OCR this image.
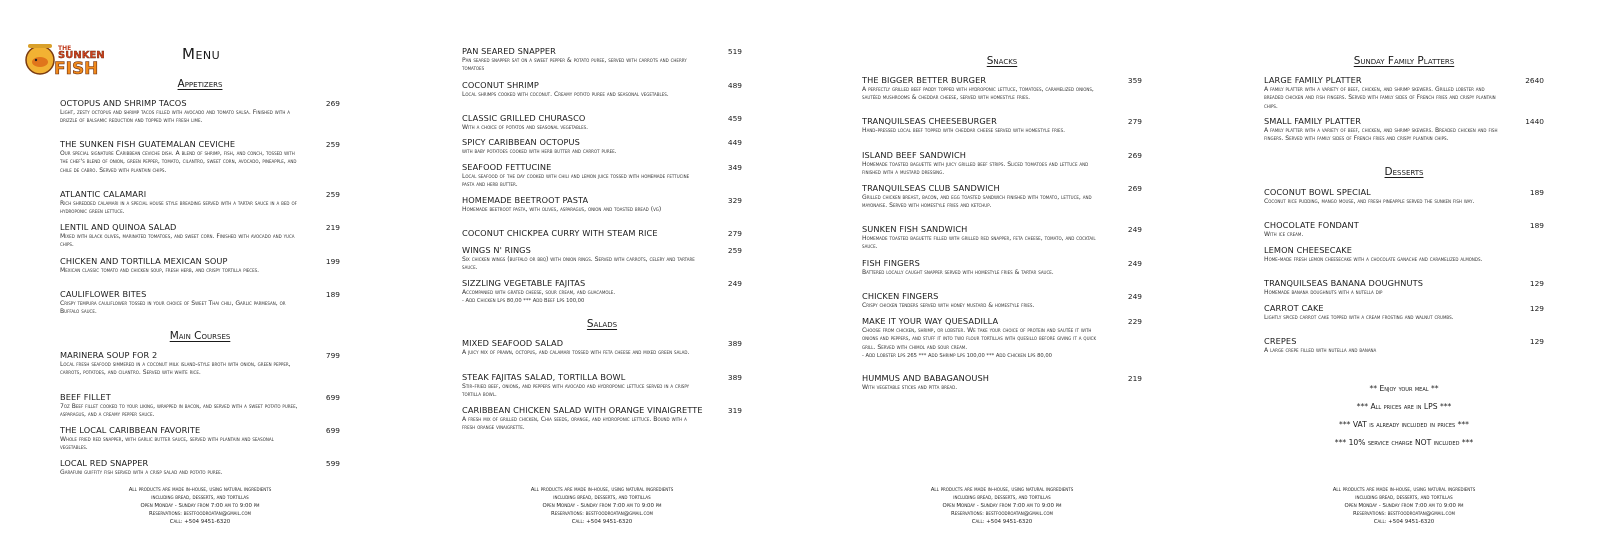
THE
SUNKEN
FISH
Menu
Appetizers
OCTOPUS AND SHRIMP TACOS	269
Light, zesty octopus and shrimp tacos filled with avocado and tomato salsa. Finished with a drizzle of balsamic reduction and topped with fresh lime.
THE SUNKEN FISH GUATEMALAN CEVICHE	259
Our special signature Caribbean ceviche dish. A blend of shrimp, fish, and conch, tossed with the chef's blend of onion, green pepper, tomato, cilantro, sweet corn, avocado, pineapple, and chile de cabro. Served with plantain chips.
ATLANTIC CALAMARI	259
Rich shredded calamari in a special house style breading served with a tartar sauce in a bed of hydroponic green lettuce.
LENTIL AND QUINOA SALAD	219
Mixed with black olives, marinated tomatoes, and sweet corn. Finished with avocado and yuca chips.
CHICKEN AND TORTILLA MEXICAN SOUP	199
Mexican classic tomato and chicken soup, fresh herb, and crispy tortilla pieces.
CAULIFLOWER BITES	189
Crispy tempura cauliflower tossed in your choice of Sweet Thai chili, Garlic parmesan, or Buffalo sauce.
Main Courses
MARINERA SOUP FOR 2	799
Local fresh seafood simmered in a coconut milk island-style broth with onion, green pepper, carrots, potatoes, and cilantro. Served with white rice.
BEEF FILLET	699
7oz Beef fillet cooked to your liking, wrapped in bacon, and served with a sweet potato puree, asparagus, and a creamy pepper sauce.
THE LOCAL CARIBBEAN FAVORITE	699
Whole fried red snapper, with garlic butter sauce, served with plantain and seasonal vegetables.
LOCAL RED SNAPPER	599
Garafuni guiffity fish served with a crisp salad and potato puree.
All products are made in-house, using natural ingredients
including bread, desserts, and tortillas
Open Monday - Sunday from 7:00 am to 9:00 pm
Reservations: bestfoodroatan@gmail.com
Call: +504 9451-6320
PAN SEARED SNAPPER	519
Pan seared snapper sat on a sweet pepper & potato puree, served with carrots and cherry tomatoes
COCONUT SHRIMP	489
Local shrimps cooked with coconut. Creamy potato puree and seasonal vegetables.
CLASSIC GRILLED CHURASCO	459
With a choice of potatos and seasonal vegetables.
SPICY CARIBBEAN OCTOPUS	449
with baby potatoes cooked with herb butter and carrot puree.
SEAFOOD FETTUCINE	349
Local seafood of the day cooked with chili and lemon juice tossed with homemade fettucine pasta and herb butter.
HOMEMADE BEETROOT PASTA	329
Homemade beetroot pasta, with olives, asparagus, onion and toasted bread (vg)
COCONUT CHICKPEA CURRY WITH STEAM RICE	279
WINGS N' RINGS	259
Six chicken wings (buffalo or bbq) with onion rings. Served with carrots, celery and tartare sauce.
SIZZLING VEGETABLE FAJITAS	249
Accompanied with grated cheese, sour cream, and guacamole.
- Add Chicken Lps 80,00 *** Add Beef Lps 100,00
Salads
MIXED SEAFOOD SALAD	389
A juicy mix of prawn, octopus, and calamari tossed with feta cheese and mixed green salad.
STEAK FAJITAS SALAD, TORTILLA BOWL	389
Stir-fried beef, onions, and peppers with avocado and hydroponic lettuce served in a crispy tortilla bowl.
CARIBBEAN CHICKEN SALAD WITH ORANGE VINAIGRETTE	319
A fresh mix of grilled chicken, Chia seeds, orange, and hydroponic lettuce. Bound with a fresh orange vinaigrette.
All products are made in-house, using natural ingredients
including bread, desserts, and tortillas
Open Monday - Sunday from 7:00 am to 9:00 pm
Reservations: bestfoodroatan@gmail.com
Call: +504 9451-6320
Snacks
THE BIGGER BETTER BURGER	359
A perfectly grilled beef paddy topped with hydroponic lettuce, tomatoes, caramelized onions, sautéed mushrooms & cheddar cheese, served with homestyle fries.
TRANQUILSEAS CHEESEBURGER	279
Hand-pressed local beef topped with cheddar cheese served with homestyle fries.
ISLAND BEEF SANDWICH	269
Homemade toasted baguette with juicy grilled beef strips. Sliced tomatoes and lettuce and finished with a mustard dressing.
TRANQUILSEAS CLUB SANDWICH	269
Grilled chicken breast, bacon, and egg toasted sandwich finished with tomato, lettuce, and mayonaise. Served with homestyle fries and ketchup.
SUNKEN FISH SANDWICH	249
Homemade toasted baguette filled with grilled red snapper, feta cheese, tomato, and cocktail sauce.
FISH FINGERS	249
Battered locally caught snapper served with homestyle fries & tartar sauce.
CHICKEN FINGERS	249
Crispy chicken tenders served with honey mustard & homestyle fries.
MAKE IT YOUR WAY QUESADILLA	229
Choose from chicken, shrimp, or lobster. We take your choice of protein and sautée it with onions and peppers, and stuff it into two flour tortillas with quesillo before giving it a quick grill. Served with chimol and sour cream.
- Add Lobster Lps 265 *** Add Shrimp Lps 100,00 *** Add Chicken Lps 80,00
HUMMUS AND BABAGANOUSH	219
With vegetable sticks and pitta bread.
All products are made in-house, using natural ingredients
including bread, desserts, and tortillas
Open Monday - Sunday from 7:00 am to 9:00 pm
Reservations: bestfoodroatan@gmail.com
Call: +504 9451-6320
Sunday Family Platters
LARGE FAMILY PLATTER	2640
A family platter with a variety of beef, chicken, and shrimp skewers. Grilled lobster and breaded chicken and fish fingers. Served with family sides of French fries and crispy plantain chips.
SMALL FAMILY PLATTER	1440
A family platter with a variety of beef, chicken, and shrimp skewers. Breaded chicken and fish fingers. Served with family sides of French fries and crispy plantain chips.
Desserts
COCONUT BOWL SPECIAL	189
Coconut rice pudding, mango mouse, and fresh pineapple served the sunken fish way.
CHOCOLATE FONDANT	189
With ice cream.
LEMON CHEESECAKE
Home-made fresh lemon cheesecake with a chocolate ganache and caramelized almonds.
TRANQUILSEAS BANANA DOUGHNUTS	129
Homemade banana doughnuts with a nutella dip
CARROT CAKE	129
Lightly spiced carrot cake topped with a cream frosting and walnut crumbs.
CREPES	129
A large crepe filled with nutella and banana
** Enjoy your meal **
*** All prices are in LPS ***
*** VAT is already included in prices ***
*** 10% service charge NOT included ***
All products are made in-house, using natural ingredients
including bread, desserts, and tortillas
Open Monday - Sunday from 7:00 am to 9:00 pm
Reservations: bestfoodroatan@gmail.com
Call: +504 9451-6320
